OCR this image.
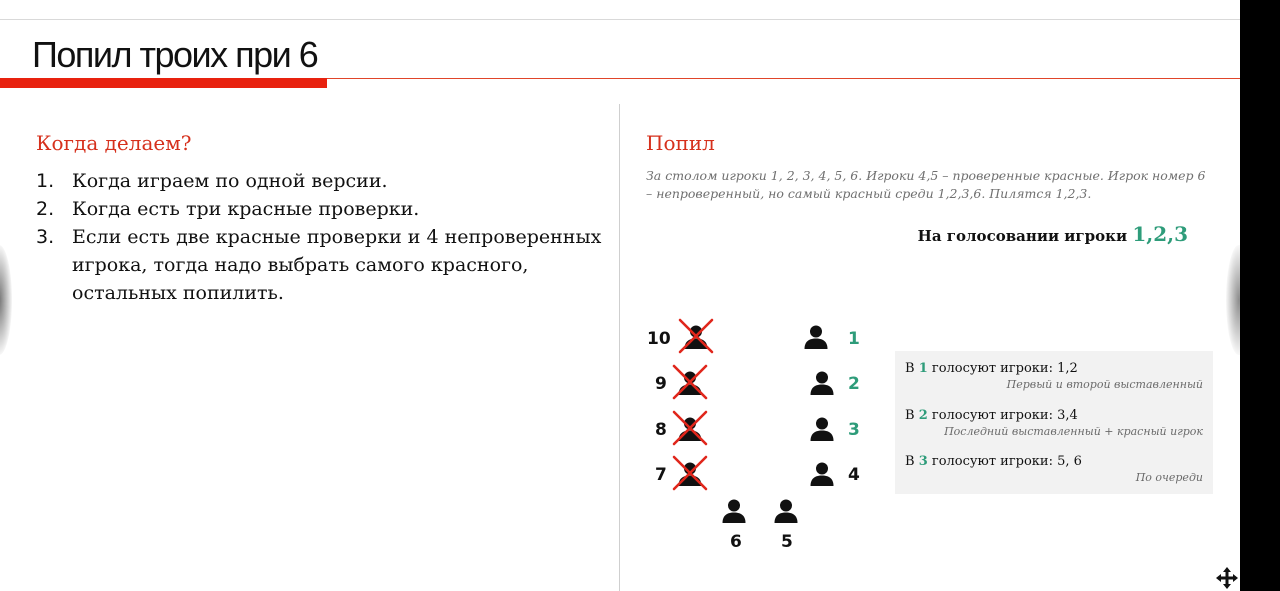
Попил троих при 6
Когда делаем?
1. Когда играем по одной версии.
2. Когда есть три красные проверки.
3. Если есть две красные проверки и 4 непроверенных игрока, тогда надо выбрать самого красного, остальных попилить.
Попил
За столом игроки 1, 2, 3, 4, 5, 6. Игроки 4,5 – проверенные красные. Игрок номер 6 – непроверенный, но самый красный среди 1,2,3,6. Пилятся 1,2,3.
На голосовании игроки 1,2,3
10
9
8
7
6 5
4
3
2
1
В 1 голосуют игроки: 1,2
Первый и второй выставленный
В 2 голосуют игроки: 3,4
Последний выставленный + красный игрок
В 3 голосуют игроки: 5, 6
По очереди
